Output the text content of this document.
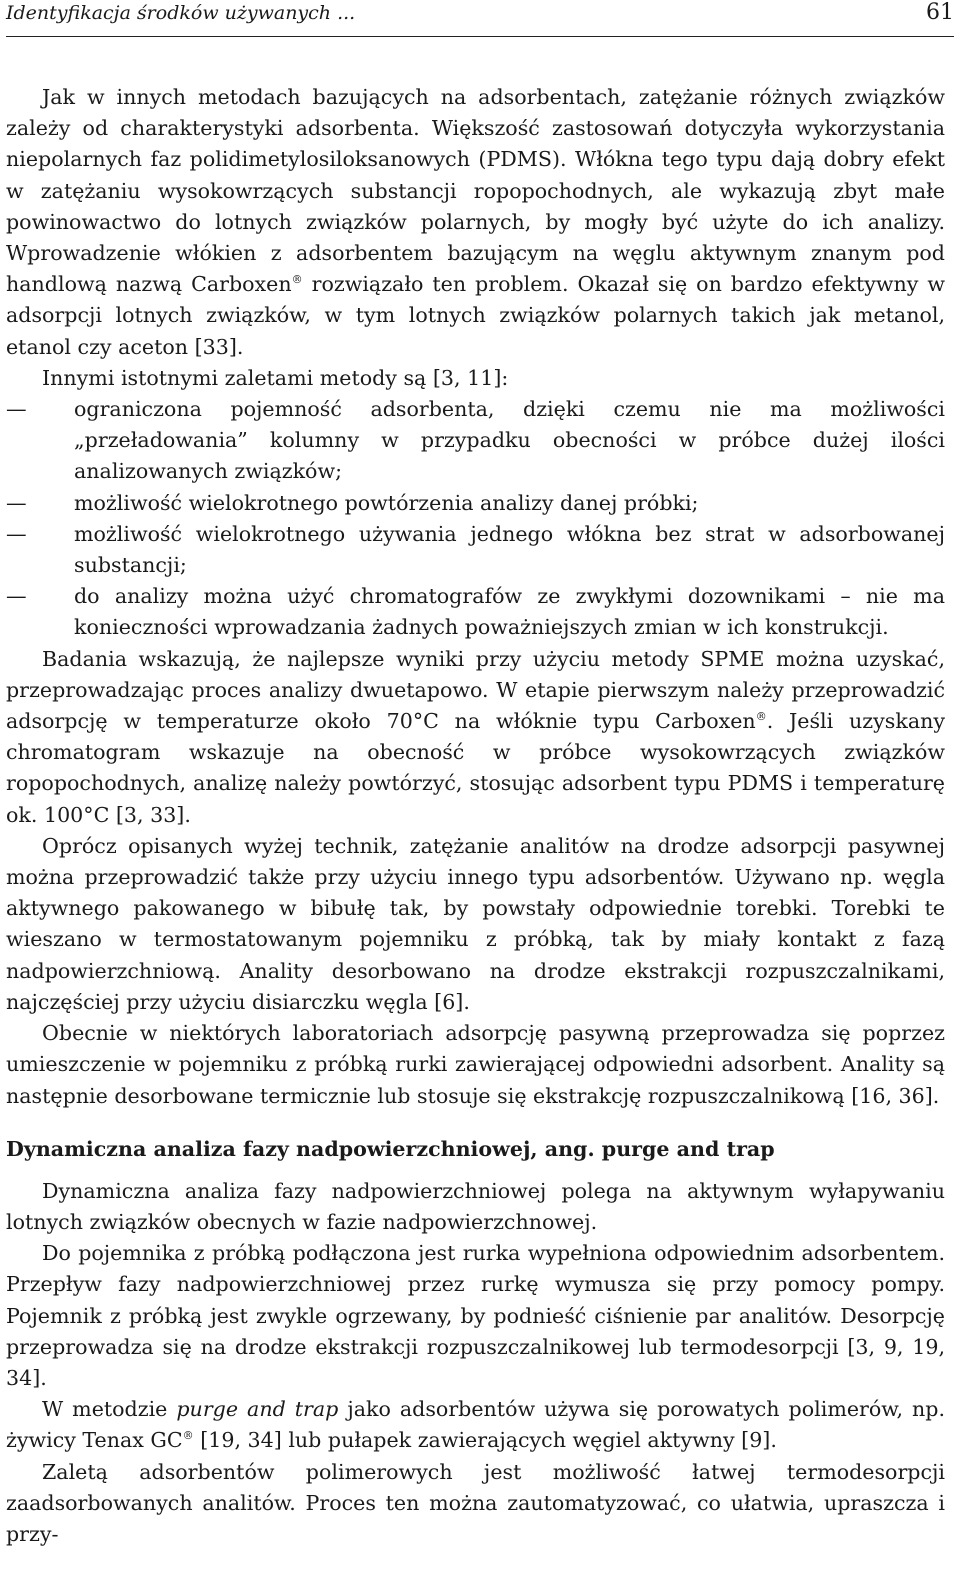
Identyfikacja środków używanych ...	61

Jak w innych metodach bazujących na adsorbentach, zatężanie różnych związków zależy od charakterystyki adsorbenta. Większość zastosowań dotyczyła wykorzystania niepolarnych faz polidimetylosiloksanowych (PDMS). Włókna tego typu dają dobry efekt w zatężaniu wysokowrzących substancji ropopochodnych, ale wykazują zbyt małe powinowactwo do lotnych związków polarnych, by mogły być użyte do ich analizy. Wprowadzenie włókien z adsorbentem bazującym na węglu aktywnym znanym pod handlową nazwą Carboxen® rozwiązało ten problem. Okazał się on bardzo efektywny w adsorpcji lotnych związków, w tym lotnych związków polarnych takich jak metanol, etanol czy aceton [33].

Innymi istotnymi zaletami metody są [3, 11]:

— ograniczona pojemność adsorbenta, dzięki czemu nie ma możliwości „przeładowania” kolumny w przypadku obecności w próbce dużej ilości analizowanych związków;
— możliwość wielokrotnego powtórzenia analizy danej próbki;
— możliwość wielokrotnego używania jednego włókna bez strat w adsorbowanej substancji;
— do analizy można użyć chromatografów ze zwykłymi dozownikami – nie ma konieczności wprowadzania żadnych poważniejszych zmian w ich konstrukcji.

Badania wskazują, że najlepsze wyniki przy użyciu metody SPME można uzyskać, przeprowadzając proces analizy dwuetapowo. W etapie pierwszym należy przeprowadzić adsorpcję w temperaturze około 70°C na włóknie typu Carboxen®. Jeśli uzyskany chromatogram wskazuje na obecność w próbce wysokowrzących związków ropopochodnych, analizę należy powtórzyć, stosując adsorbent typu PDMS i temperaturę ok. 100°C [3, 33].

Oprócz opisanych wyżej technik, zatężanie analitów na drodze adsorpcji pasywnej można przeprowadzić także przy użyciu innego typu adsorbentów. Używano np. węgla aktywnego pakowanego w bibułę tak, by powstały odpowiednie torebki. Torebki te wieszano w termostatowanym pojemniku z próbką, tak by miały kontakt z fazą nadpowierzchniową. Anality desorbowano na drodze ekstrakcji rozpuszczalnikami, najczęściej przy użyciu disiarczku węgla [6].

Obecnie w niektórych laboratoriach adsorpcję pasywną przeprowadza się poprzez umieszczenie w pojemniku z próbką rurki zawierającej odpowiedni adsorbent. Anality są następnie desorbowane termicznie lub stosuje się ekstrakcję rozpuszczalnikową [16, 36].

Dynamiczna analiza fazy nadpowierzchniowej, ang. purge and trap

Dynamiczna analiza fazy nadpowierzchniowej polega na aktywnym wyłapywaniu lotnych związków obecnych w fazie nadpowierzchnowej.

Do pojemnika z próbką podłączona jest rurka wypełniona odpowiednim adsorbentem. Przepływ fazy nadpowierzchniowej przez rurkę wymusza się przy pomocy pompy. Pojemnik z próbką jest zwykle ogrzewany, by podnieść ciśnienie par analitów. Desorpcję przeprowadza się na drodze ekstrakcji rozpuszczalnikowej lub termodesorpcji [3, 9, 19, 34].

W metodzie purge and trap jako adsorbentów używa się porowatych polimerów, np. żywicy Tenax GC® [19, 34] lub pułapek zawierających węgiel aktywny [9].

Zaletą adsorbentów polimerowych jest możliwość łatwej termodesorpcji zaadsorbowanych analitów. Proces ten można zautomatyzować, co ułatwia, upraszcza i przy-
